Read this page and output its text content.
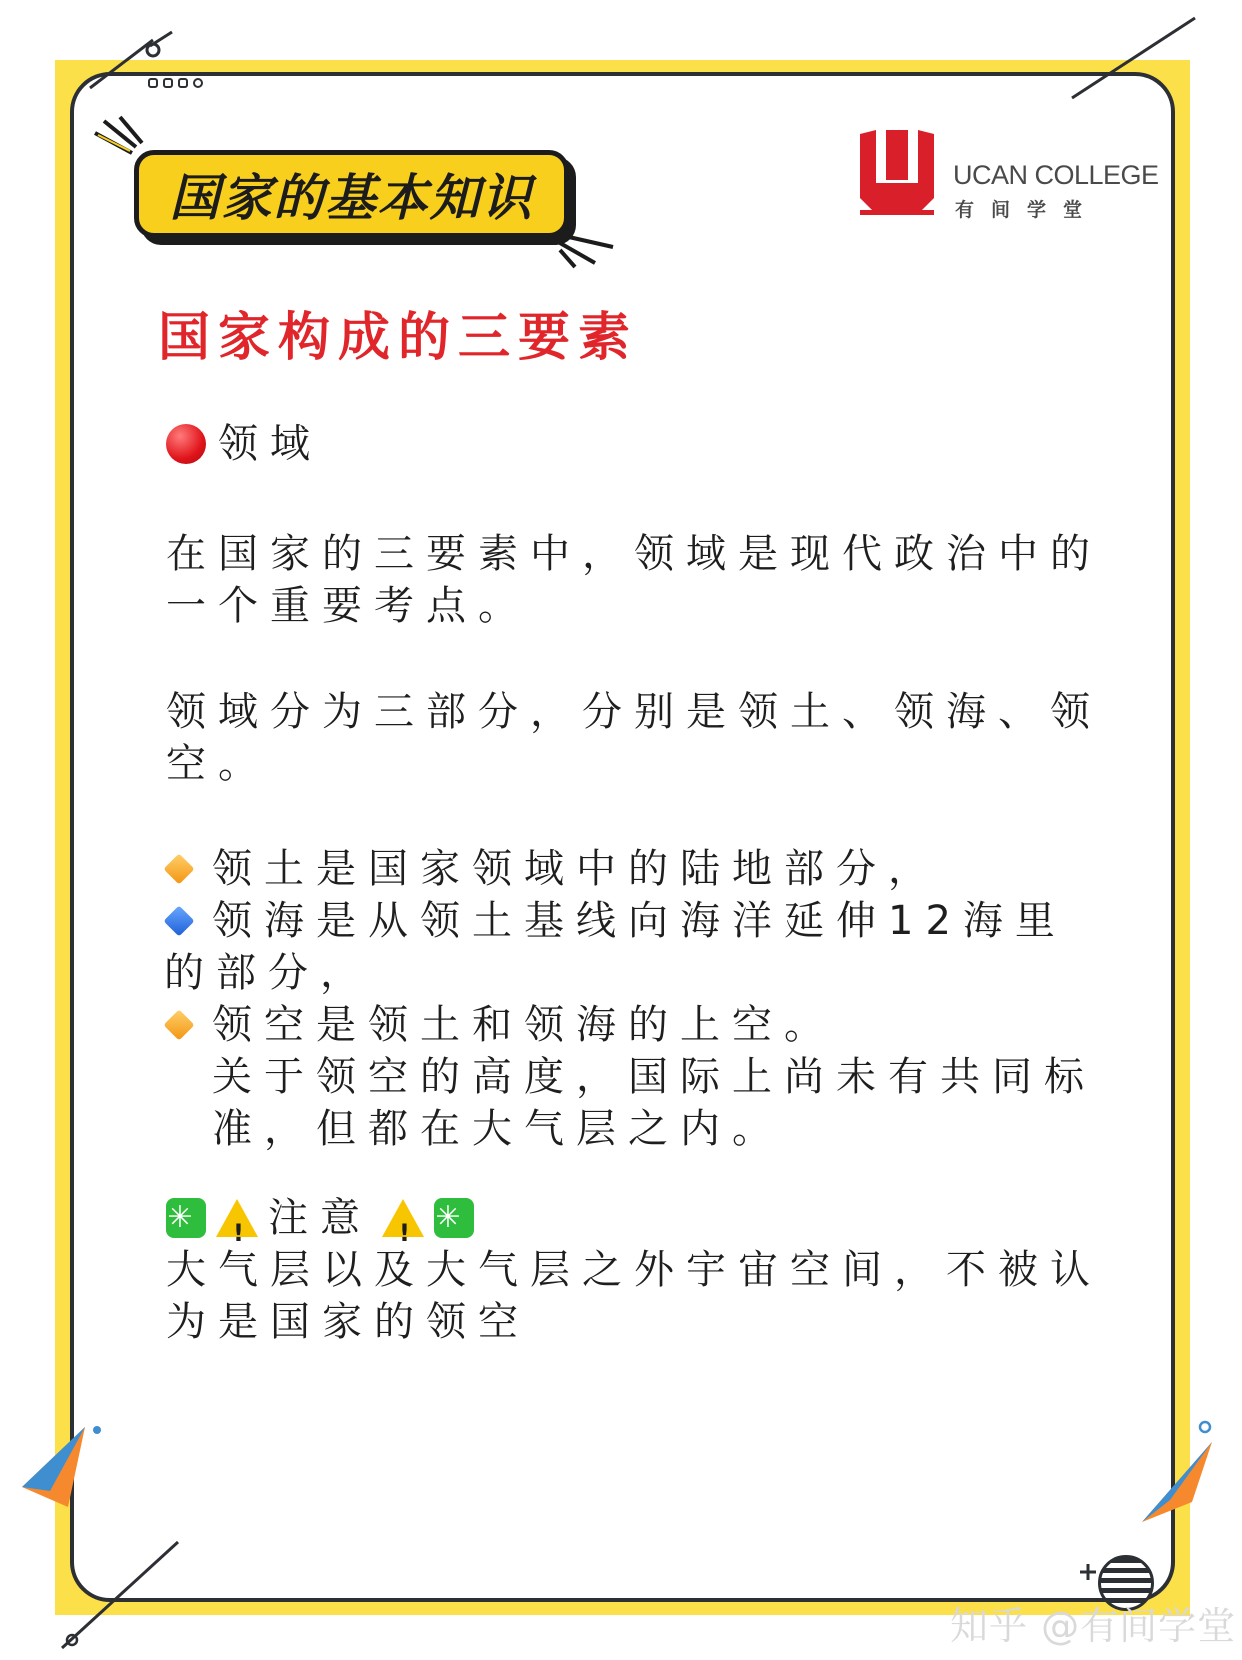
国家的基本知识	UCAN COLLEGE
有间学堂
国家构成的三要素
领域
在国家的三要素中，领域是现代政治中的
一个重要考点。
领域分为三部分，分别是领土、领海、领
空。
领土是国家领域中的陆地部分，
领海是从领土基线向海洋延伸12海里
的部分，
领空是领土和领海的上空。
关于领空的高度，国际上尚未有共同标
准，但都在大气层之内。
✳ ! 注意 ! ✳
大气层以及大气层之外宇宙空间，不被认
为是国家的领空
知乎 @有间学堂
